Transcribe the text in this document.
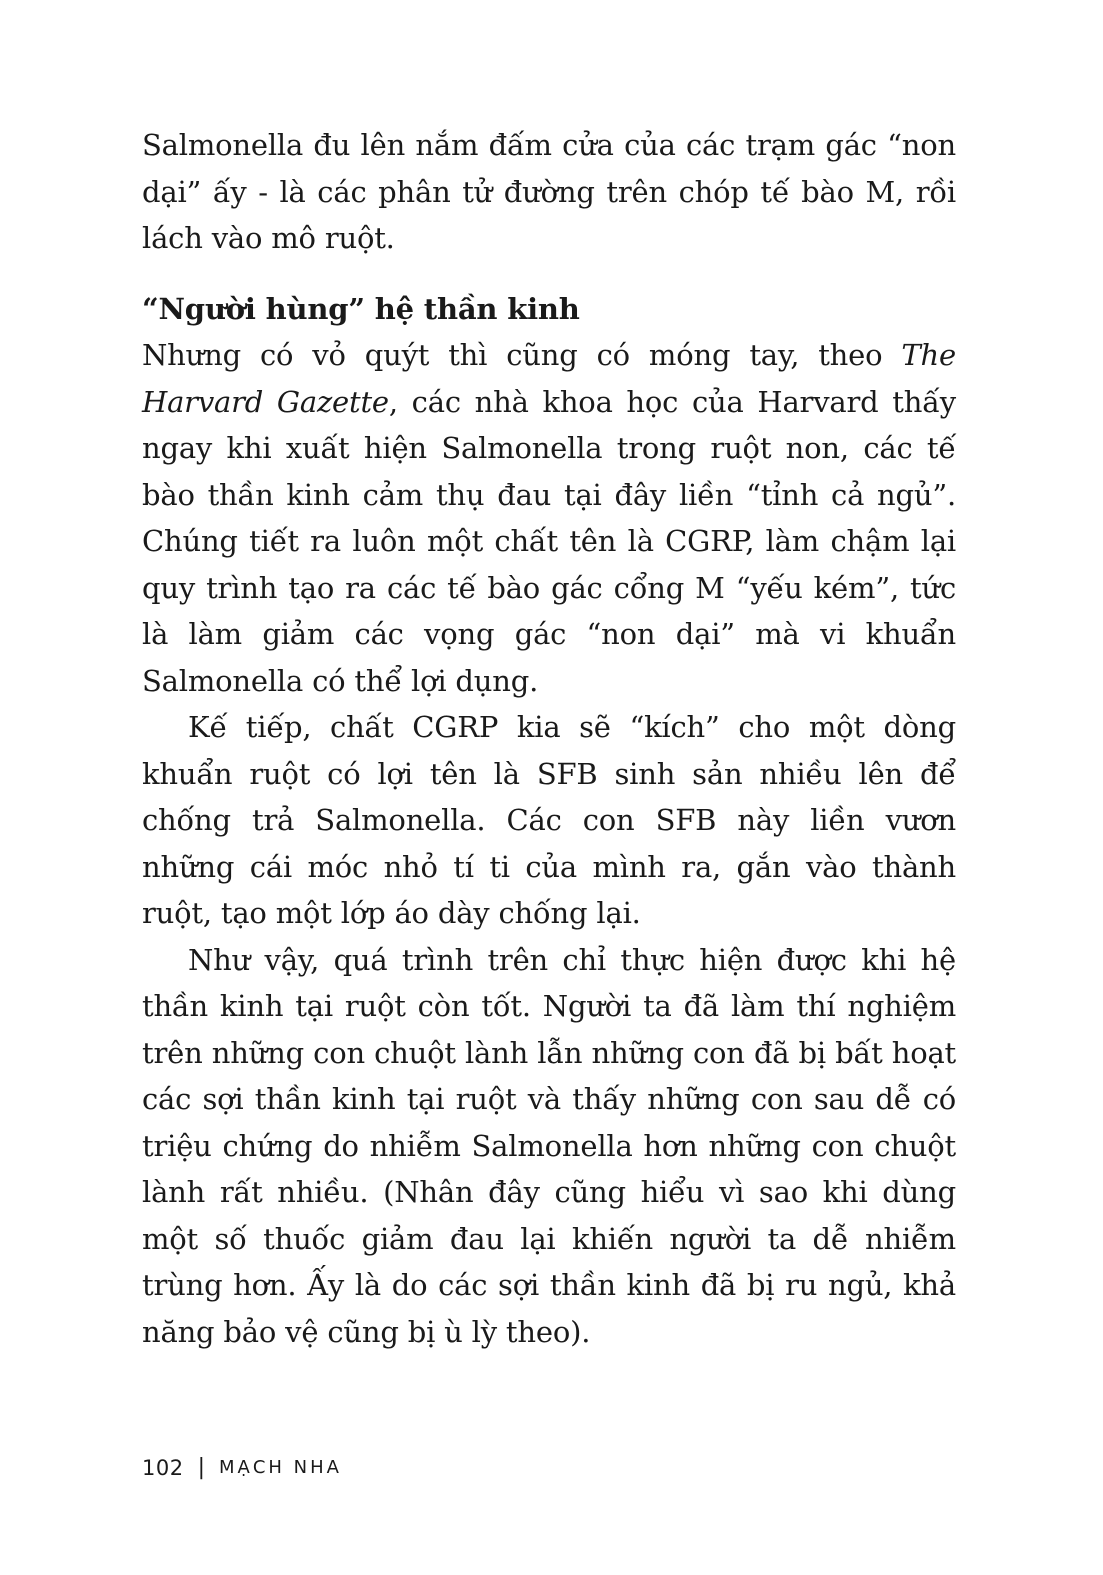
Salmonella đu lên nắm đấm cửa của các trạm gác “non dại” ấy - là các phân tử đường trên chóp tế bào M, rồi lách vào mô ruột.

“Người hùng” hệ thần kinh

Nhưng có vỏ quýt thì cũng có móng tay, theo The Harvard Gazette, các nhà khoa học của Harvard thấy ngay khi xuất hiện Salmonella trong ruột non, các tế bào thần kinh cảm thụ đau tại đây liền “tỉnh cả ngủ”. Chúng tiết ra luôn một chất tên là CGRP, làm chậm lại quy trình tạo ra các tế bào gác cổng M “yếu kém”, tức là làm giảm các vọng gác “non dại” mà vi khuẩn Salmonella có thể lợi dụng.

Kế tiếp, chất CGRP kia sẽ “kích” cho một dòng khuẩn ruột có lợi tên là SFB sinh sản nhiều lên để chống trả Salmonella. Các con SFB này liền vươn những cái móc nhỏ tí ti của mình ra, gắn vào thành ruột, tạo một lớp áo dày chống lại.

Như vậy, quá trình trên chỉ thực hiện được khi hệ thần kinh tại ruột còn tốt. Người ta đã làm thí nghiệm trên những con chuột lành lẫn những con đã bị bất hoạt các sợi thần kinh tại ruột và thấy những con sau dễ có triệu chứng do nhiễm Salmonella hơn những con chuột lành rất nhiều. (Nhân đây cũng hiểu vì sao khi dùng một số thuốc giảm đau lại khiến người ta dễ nhiễm trùng hơn. Ấy là do các sợi thần kinh đã bị ru ngủ, khả năng bảo vệ cũng bị ù lỳ theo).

102 | MẠCH NHA
